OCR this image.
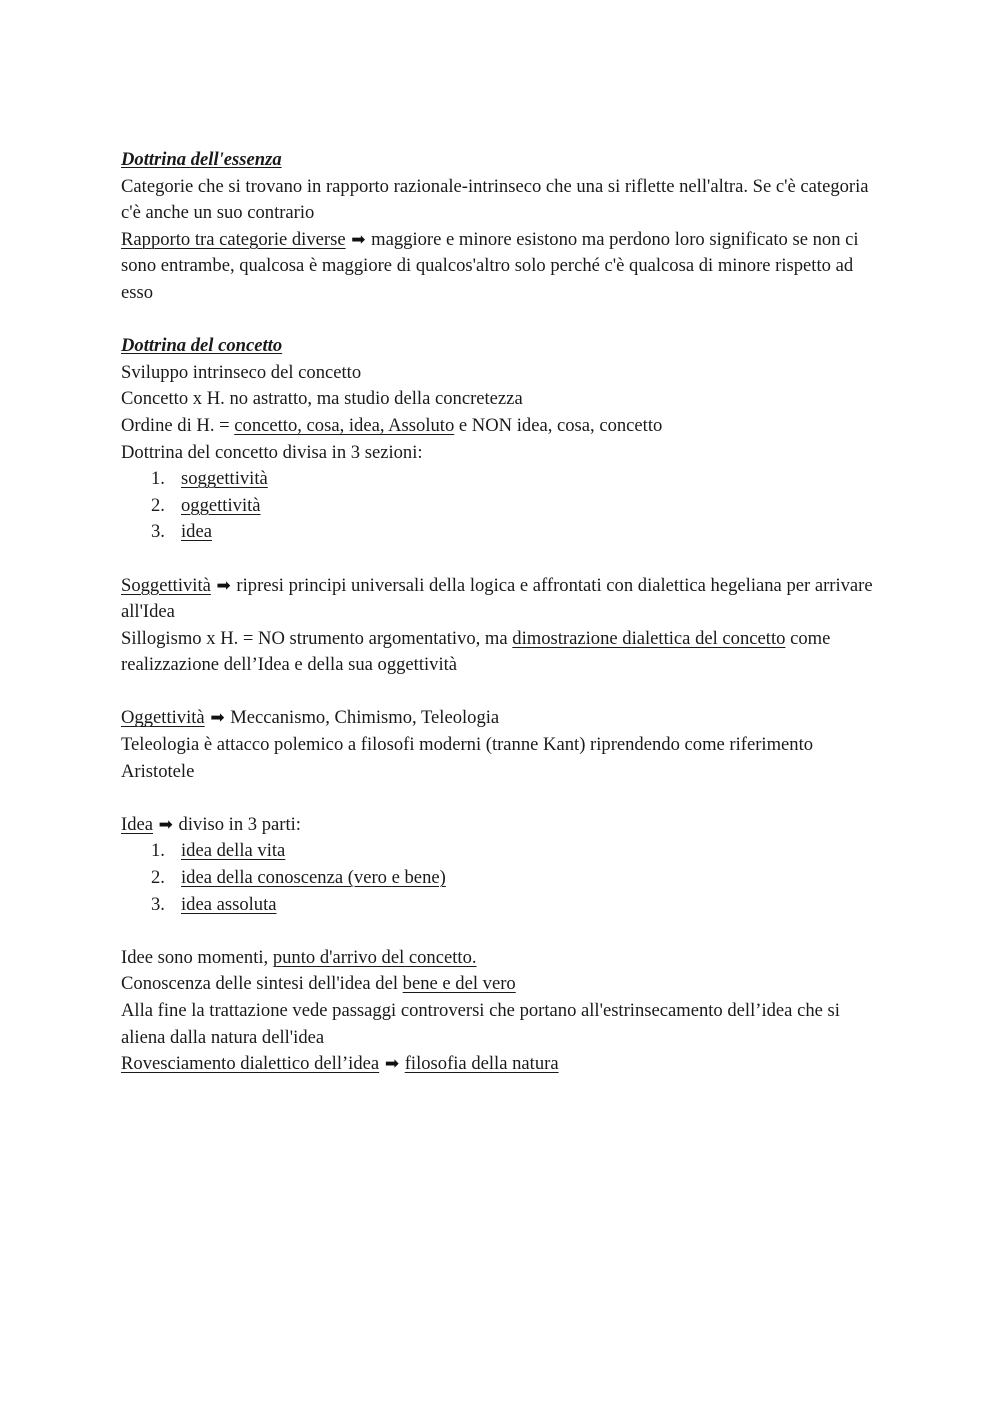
Dottrina dell'essenza

Categorie che si trovano in rapporto razionale-intrinseco che una si riflette nell'altra. Se c'è categoria c'è anche un suo contrario

Rapporto tra categorie diverse ➡ maggiore e minore esistono ma perdono loro significato se non ci sono entrambe, qualcosa è maggiore di qualcos'altro solo perché c'è qualcosa di minore rispetto ad esso

Dottrina del concetto

Sviluppo intrinseco del concetto

Concetto x H. no astratto, ma studio della concretezza

Ordine di H. = concetto, cosa, idea, Assoluto e NON idea, cosa, concetto

Dottrina del concetto divisa in 3 sezioni:

1. soggettività
2. oggettività
3. idea

Soggettività ➡ ripresi principi universali della logica e affrontati con dialettica hegeliana per arrivare all'Idea

Sillogismo x H. = NO strumento argomentativo, ma dimostrazione dialettica del concetto come realizzazione dell’Idea e della sua oggettività

Oggettività ➡ Meccanismo, Chimismo, Teleologia

Teleologia è attacco polemico a filosofi moderni (tranne Kant) riprendendo come riferimento Aristotele

Idea ➡ diviso in 3 parti:

1. idea della vita
2. idea della conoscenza (vero e bene)
3. idea assoluta

Idee sono momenti, punto d'arrivo del concetto.

Conoscenza delle sintesi dell'idea del bene e del vero

Alla fine la trattazione vede passaggi controversi che portano all'estrinsecamento dell’idea che si aliena dalla natura dell'idea

Rovesciamento dialettico dell’idea ➡ filosofia della natura
